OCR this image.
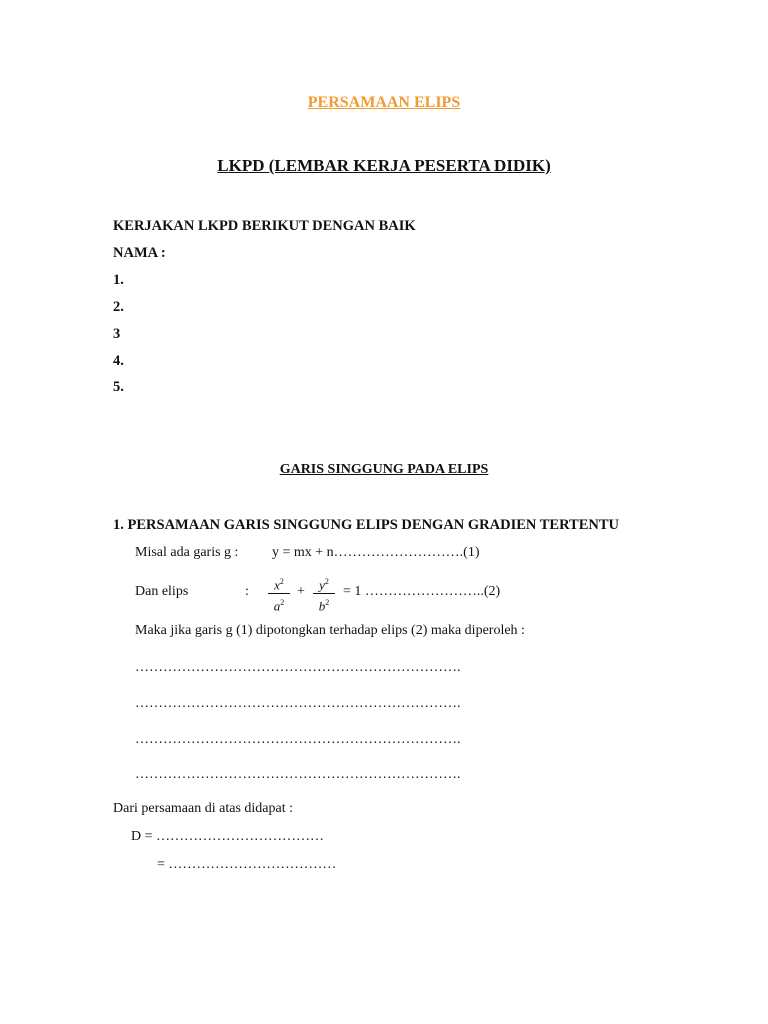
PERSAMAAN ELIPS
LKPD (LEMBAR KERJA PESERTA DIDIK)
KERJAKAN LKPD BERIKUT DENGAN BAIK
NAMA :
1.
2.
3
4.
5.
GARIS SINGGUNG PADA ELIPS
1. PERSAMAAN GARIS SINGGUNG ELIPS DENGAN GRADIEN TERTENTU
Misal ada garis g : y = mx + n……………………….(1)
Dan elips	: $\frac{x^2}{a^2} + \frac{y^2}{b^2} = 1$ ……………………..(2)
Maka jika garis g (1) dipotongkan terhadap elips (2) maka diperoleh :
…………………………………………………………….
…………………………………………………………….
…………………………………………………………….
…………………………………………………………….
Dari persamaan di atas didapat :
D = ………………………………
= ………………………………
